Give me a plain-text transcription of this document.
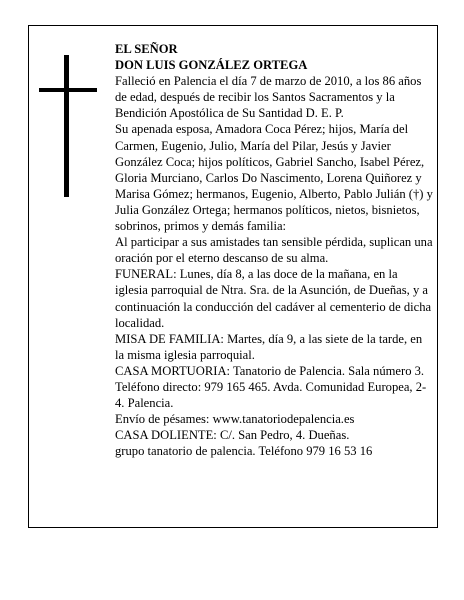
EL SEÑOR

DON LUIS GONZÁLEZ ORTEGA

Falleció en Palencia el día 7 de marzo de 2010, a los 86 años de edad, después de recibir los Santos Sacramentos y la Bendición Apostólica de Su Santidad D. E. P.

Su apenada esposa, Amadora Coca Pérez; hijos, María del Carmen, Eugenio, Julio, María del Pilar, Jesús y Javier González Coca; hijos políticos, Gabriel Sancho, Isabel Pérez, Gloria Murciano, Carlos Do Nascimento, Lorena Quiñorez y Marisa Gómez; hermanos, Eugenio, Alberto, Pablo Julián (†) y Julia González Ortega; hermanos políticos, nietos, bisnietos, sobrinos, primos y demás familia:

Al participar a sus amistades tan sensible pérdida, suplican una oración por el eterno descanso de su alma.

FUNERAL: Lunes, día 8, a las doce de la mañana, en la iglesia parroquial de Ntra. Sra. de la Asunción, de Dueñas, y a continuación la conducción del cadáver al cementerio de dicha localidad.

MISA DE FAMILIA: Martes, día 9, a las siete de la tarde, en la misma iglesia parroquial.

CASA MORTUORIA: Tanatorio de Palencia. Sala número 3. Teléfono directo: 979 165 465. Avda. Comunidad Europea, 2-4. Palencia.

Envío de pésames: www.tanatoriodepalencia.es

CASA DOLIENTE: C/. San Pedro, 4. Dueñas.

grupo tanatorio de palencia. Teléfono 979 16 53 16
